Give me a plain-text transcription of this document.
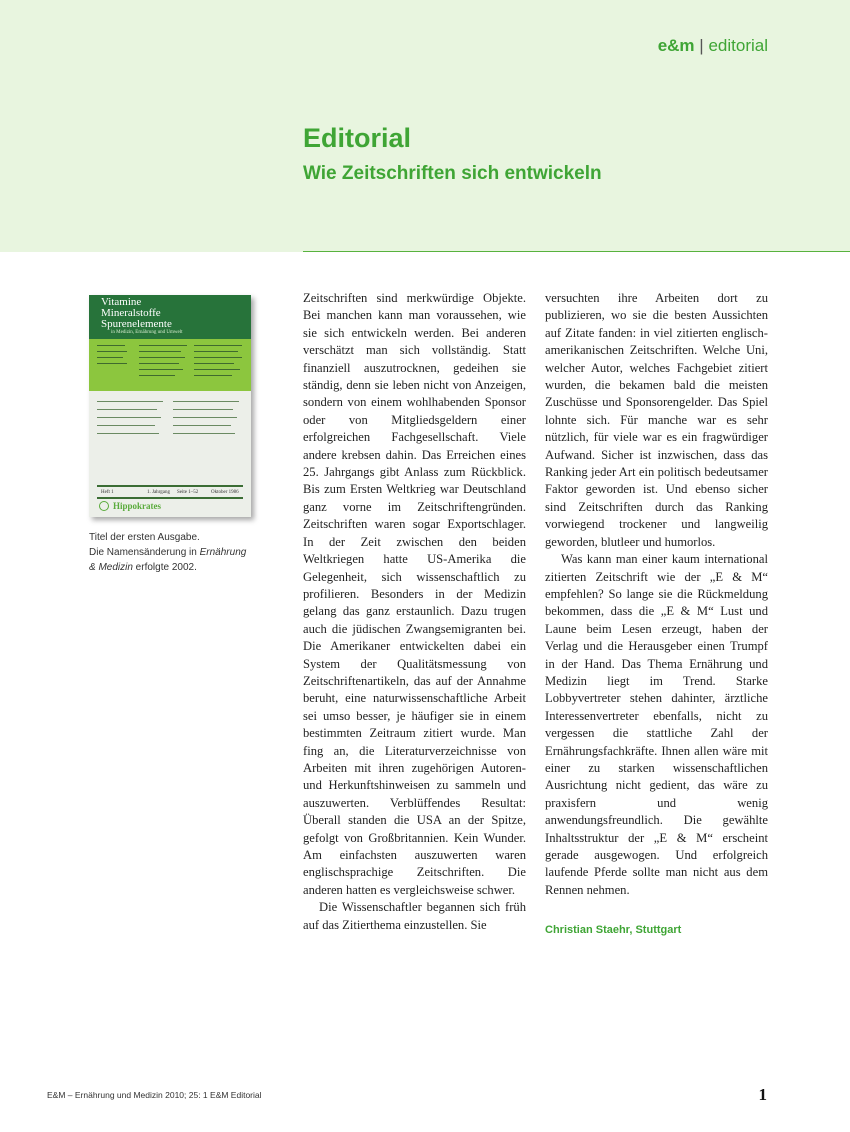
e&m | editorial
Editorial
Wie Zeitschriften sich entwickeln
Vitamine
Mineralstoffe
Spurenelemente
in Medizin, Ernährung und Umwelt
Heft 1	1. Jahrgang Seite 1–52	Oktober 1986
Hippokrates

Titel der ersten Ausgabe.

Die Namensänderung in Ernährung

& Medizin erfolgte 2002.

Zeitschriften sind merkwürdige Objekte. Bei manchen kann man voraussehen, wie sie sich entwickeln werden. Bei anderen verschätzt man sich vollständig. Statt finanziell auszutrocknen, gedeihen sie ständig, denn sie leben nicht von Anzeigen, sondern von einem wohlhabenden Sponsor oder von Mitgliedsgeldern einer erfolgreichen Fachgesellschaft. Viele andere krebsen dahin. Das Erreichen eines 25. Jahrgangs gibt Anlass zum Rückblick. Bis zum Ersten Weltkrieg war Deutschland ganz vorne im Zeitschriftengründen. Zeitschriften waren sogar Exportschlager. In der Zeit zwischen den beiden Weltkriegen hatte US-Amerika die Gelegenheit, sich wissenschaftlich zu profilieren. Besonders in der Medizin gelang das ganz erstaunlich. Dazu trugen auch die jüdischen Zwangsemigranten bei. Die Amerikaner entwickelten dabei ein System der Qualitätsmessung von Zeitschriftenartikeln, das auf der Annahme beruht, eine naturwissenschaftliche Arbeit sei umso besser, je häufiger sie in einem bestimmten Zeitraum zitiert wurde. Man fing an, die Literaturverzeichnisse von Arbeiten mit ihren zugehörigen Autoren- und Herkunftshinweisen zu sammeln und auszuwerten. Verblüffendes Resultat: Überall standen die USA an der Spitze, gefolgt von Großbritannien. Kein Wunder. Am einfachsten auszuwerten waren englischsprachige Zeitschriften. Die anderen hatten es vergleichsweise schwer.

Die Wissenschaftler begannen sich früh auf das Zitierthema einzustellen. Sie

versuchten ihre Arbeiten dort zu publizieren, wo sie die besten Aussichten auf Zitate fanden: in viel zitierten englisch-amerikanischen Zeitschriften. Welche Uni, welcher Autor, welches Fachgebiet zitiert wurden, die bekamen bald die meisten Zuschüsse und Sponsorengelder. Das Spiel lohnte sich. Für manche war es sehr nützlich, für viele war es ein fragwürdiger Aufwand. Sicher ist inzwischen, dass das Ranking jeder Art ein politisch bedeutsamer Faktor geworden ist. Und ebenso sicher sind Zeitschriften durch das Ranking vorwiegend trockener und langweilig geworden, blutleer und humorlos.

Was kann man einer kaum international zitierten Zeitschrift wie der „E & M“ empfehlen? So lange sie die Rückmeldung bekommen, dass die „E & M“ Lust und Laune beim Lesen erzeugt, haben der Verlag und die Herausgeber einen Trumpf in der Hand. Das Thema Ernährung und Medizin liegt im Trend. Starke Lobbyvertreter stehen dahinter, ärztliche Interessenvertreter ebenfalls, nicht zu vergessen die stattliche Zahl der Ernährungsfachkräfte. Ihnen allen wäre mit einer zu starken wissenschaftlichen Ausrichtung nicht gedient, das wäre zu praxisfern und wenig anwendungsfreundlich. Die gewählte Inhaltsstruktur der „E & M“ erscheint gerade ausgewogen. Und erfolgreich laufende Pferde sollte man nicht aus dem Rennen nehmen.

Christian Staehr, Stuttgart
E&M – Ernährung und Medizin 2010; 25: 1 E&M Editorial	1
